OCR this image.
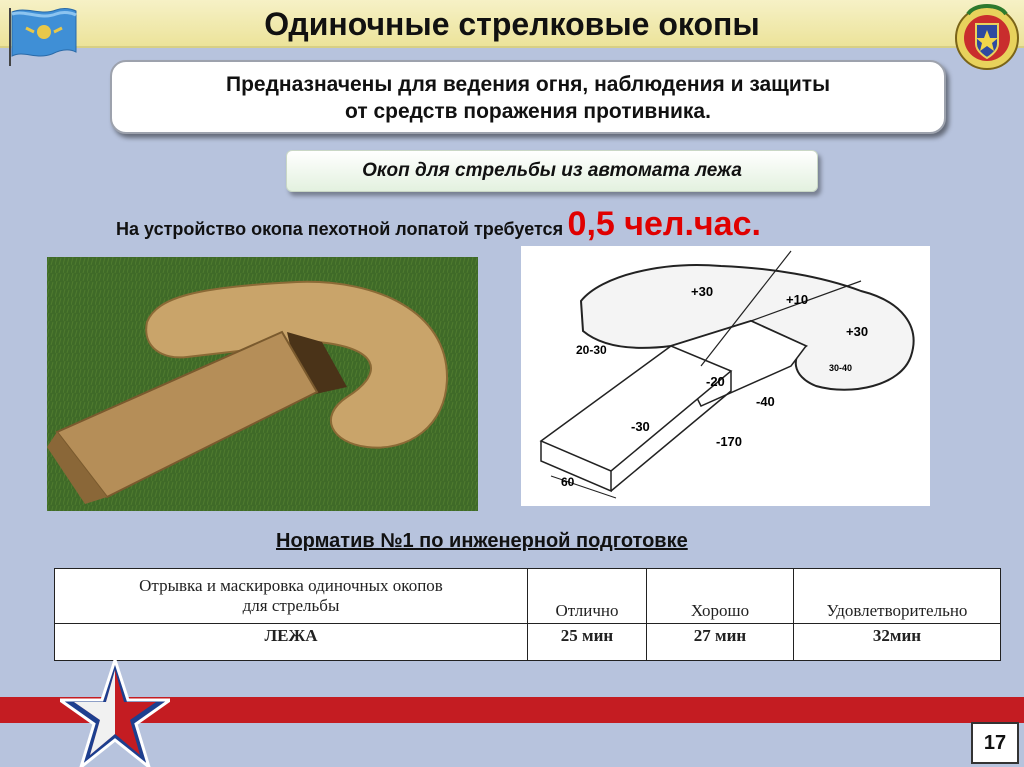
Одиночные стрелковые окопы
Предназначены для ведения огня, наблюдения и защиты
от средств поражения противника.
Окоп для стрельбы из автомата лежа
На устройство окопа пехотной лопатой требуется 0,5 чел.час.
+30
+10
+30
20-30
30-40
-20
-40
-30
-170
60
Норматив №1 по инженерной подготовке
Отрывка и маскировка одиночных окопов
для стрельбы	Отлично	Хорошо	Удовлетворительно
ЛЕЖА	25 мин	27 мин	32мин
17
